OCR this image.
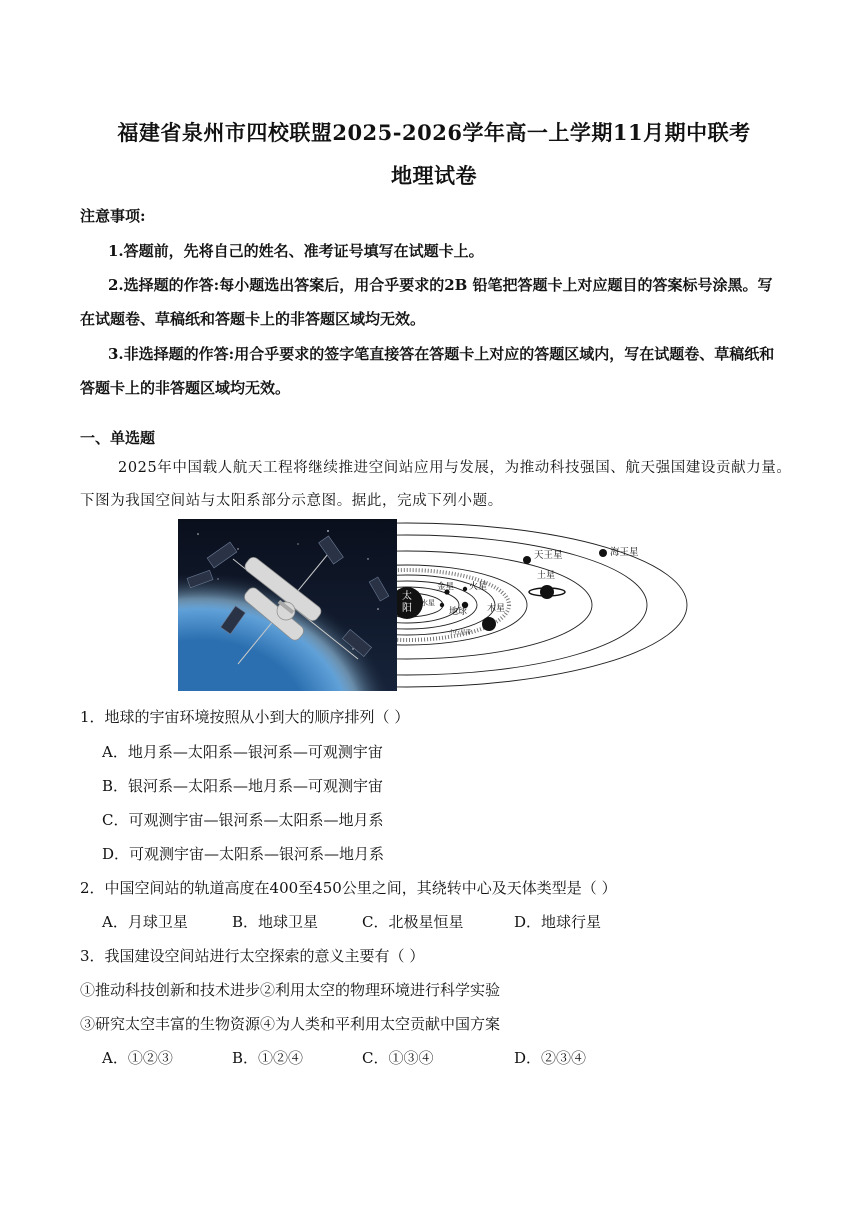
福建省泉州市四校联盟2025-2026学年高一上学期11月期中联考
地理试卷
注意事项:
1.答题前，先将自己的姓名、准考证号填写在试题卡上。
2.选择题的作答:每小题选出答案后，用合乎要求的2B 铅笔把答题卡上对应题目的答案标号涂黑。写
在试题卷、草稿纸和答题卡上的非答题区域均无效。
3.非选择题的作答:用合乎要求的签字笔直接答在答题卡上对应的答题区域内，写在试题卷、草稿纸和
答题卡上的非答题区域均无效。
一、单选题
2025年中国载人航天工程将继续推进空间站应用与发展，为推动科技强国、航天强国建设贡献力量。
下图为我国空间站与太阳系部分示意图。据此，完成下列小题。
太
阳 水星
金星
地球
火星
木星
土星
天王星	海王星
小行星带
1．地球的宇宙环境按照从小到大的顺序排列（ ）
A．地月系—太阳系—银河系—可观测宇宙
B．银河系—太阳系—地月系—可观测宇宙
C．可观测宇宙—银河系—太阳系—地月系
D．可观测宇宙—太阳系—银河系—地月系
2．中国空间站的轨道高度在400至450公里之间，其绕转中心及天体类型是（ ）
A．月球卫星	B．地球卫星	C．北极星恒星	D．地球行星
3．我国建设空间站进行太空探索的意义主要有（ ）
①推动科技创新和技术进步②利用太空的物理环境进行科学实验
③研究太空丰富的生物资源④为人类和平利用太空贡献中国方案
A．①②③	B．①②④	C．①③④	D．②③④
